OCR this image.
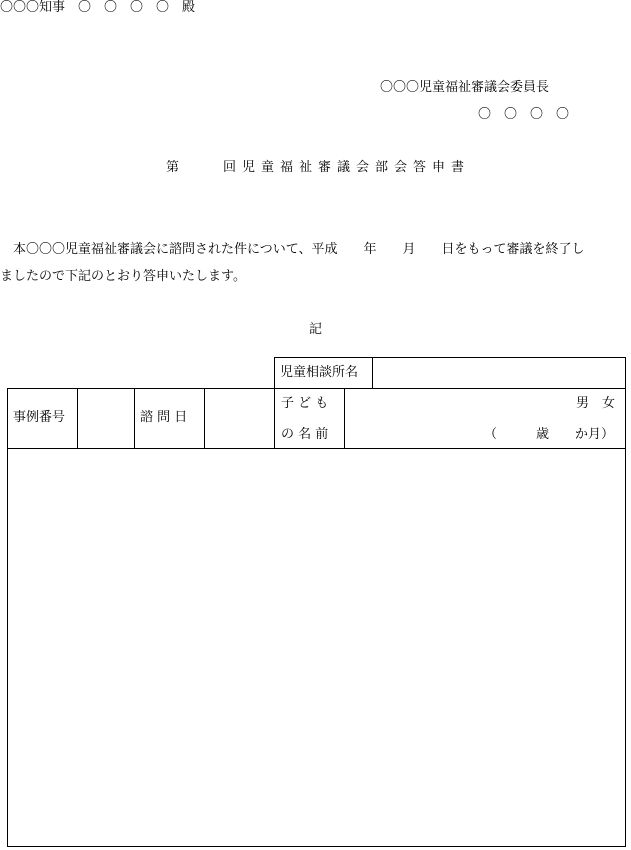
〇〇〇知事　〇　〇　〇　〇　殿
〇〇〇児童福祉審議会委員長
〇　〇　〇　〇
第　　回児童福祉審議会部会答申書
　本〇〇〇児童福祉審議会に諮問された件について、平成　　年　　月　　日をもって審議を終了し
ましたので下記のとおり答申いたします。
記
児童相談所名
事例番号	諮 問 日
子 ど も
の 名 前
男　女
（　　　歳　　か月）
